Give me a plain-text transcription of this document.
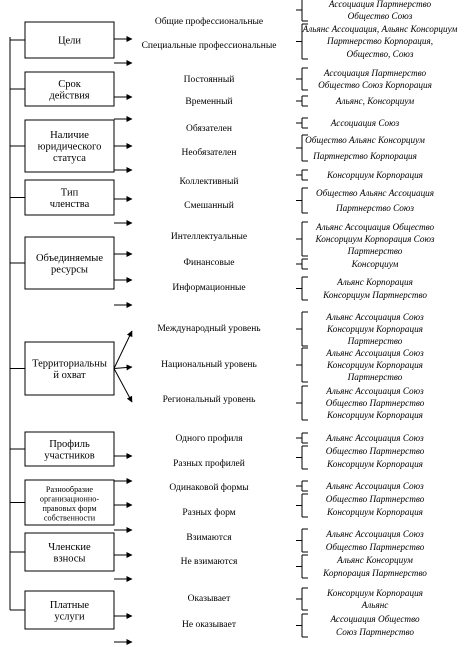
Цели
Общие профессиональные
Ассоциация Партнерство
Общество Союз
Специальные профессиональные
Альянс Ассоциация, Альянс Консорциум
Партнерство Корпорация,
Общество, Союз
Срок действия
Постоянный
Ассоциация Партнерство
Общество Союз Корпорация
Временный	Альянс, Консорциум
Наличие юридического статуса
Обязателен
Ассоциация Союз
Необязателен
Общество Альянс Консорциум
Партнерство Корпорация
Тип членства
Коллективный
Консорциум Корпорация
Смешанный
Общество Альянс Ассоциация
Партнерство Союз
Объединяемые ресурсы
Интеллектуальные
Альянс Ассоциация Общество
Консорциум Корпорация Союз
Партнерство
Финансовые	Консорциум
Информационные
Альянс Корпорация
Консорциум Партнерство
Территориальны й охват
Международный уровень
Альянс Ассоциация Союз
Консорциум Корпорация
Партнерство
Национальный уровень
Альянс Ассоциация Союз
Консорциум Корпорация
Партнерство
Региональный уровень
Альянс Ассоциация Союз
Общество Партнерство
Консорциум Корпорация
Профиль участников
Одного профиля	Альянс Ассоциация Союз
Разных профилей
Общество Партнерство
Консорциум Корпорация
Разнообразие организационно-правовых форм собственности
Одинаковой формы	Альянс Ассоциация Союз
Разных форм
Общество Партнерство
Консорциум Корпорация
Членские взносы
Взимаются	Альянс Ассоциация Союз
Общество Партнерство
Не взимаются	Альянс Консорциум
Корпорация Партнерство
Платные услуги
Оказывает
Консорциум Корпорация
Альянс
Не оказывает
Ассоциация Общество
Союз Партнерство
